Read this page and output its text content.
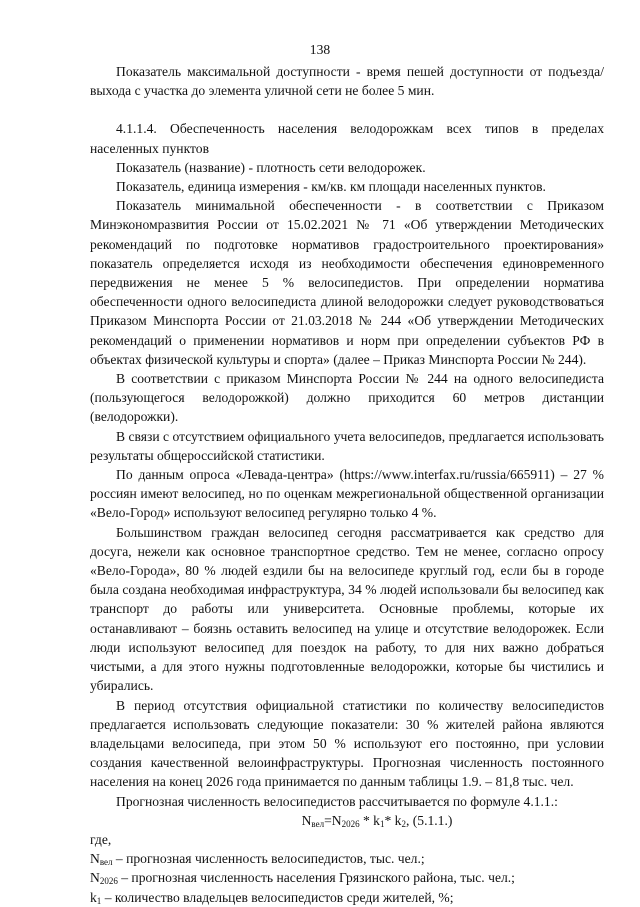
138

Показатель максимальной доступности - время пешей доступности от подъезда/выхода с участка до элемента уличной сети не более 5 мин.

4.1.1.4. Обеспеченность населения велодорожкам всех типов в пределах населенных пунктов

Показатель (название) - плотность сети велодорожек.

Показатель, единица измерения - км/кв. км площади населенных пунктов.

Показатель минимальной обеспеченности - в соответствии с Приказом Минэкономразвития России от 15.02.2021 № 71 «Об утверждении Методических рекомендаций по подготовке нормативов градостроительного проектирования» показатель определяется исходя из необходимости обеспечения единовременного передвижения не менее 5 % велосипедистов. При определении норматива обеспеченности одного велосипедиста длиной велодорожки следует руководствоваться Приказом Минспорта России от 21.03.2018 № 244 «Об утверждении Методических рекомендаций о применении нормативов и норм при определении субъектов РФ в объектах физической культуры и спорта» (далее – Приказ Минспорта России № 244).

В соответствии с приказом Минспорта России № 244 на одного велосипедиста (пользующегося велодорожкой) должно приходится 60 метров дистанции (велодорожки).

В связи с отсутствием официального учета велосипедов, предлагается использовать результаты общероссийской статистики.

По данным опроса «Левада-центра» (https://www.interfax.ru/russia/665911) – 27 % россиян имеют велосипед, но по оценкам межрегиональной общественной организации «Вело-Город» используют велосипед регулярно только 4 %.

Большинством граждан велосипед сегодня рассматривается как средство для досуга, нежели как основное транспортное средство. Тем не менее, согласно опросу «Вело-Города», 80 % людей ездили бы на велосипеде круглый год, если бы в городе была создана необходимая инфраструктура, 34 % людей использовали бы велосипед как транспорт до работы или университета. Основные проблемы, которые их останавливают – боязнь оставить велосипед на улице и отсутствие велодорожек. Если люди используют велосипед для поездок на работу, то для них важно добраться чистыми, а для этого нужны подготовленные велодорожки, которые бы чистились и убирались.

В период отсутствия официальной статистики по количеству велосипедистов предлагается использовать следующие показатели: 30 % жителей района являются владельцами велосипеда, при этом 50 % используют его постоянно, при условии создания качественной велоинфраструктуры. Прогнозная численность постоянного населения на конец 2026 года принимается по данным таблицы 1.9. – 81,8 тыс. чел.

Прогнозная численность велосипедистов рассчитывается по формуле 4.1.1.:

$N_{вел}=N_{2026} * k_1*$ $k_2$, (5.1.1.)

где,

$N_{вел}$ – прогнозная численность велосипедистов, тыс. чел.;

$N_{2026}$ – прогнозная численность населения Грязинского района, тыс. чел.;

$k_1$ – количество владельцев велосипедистов среди жителей, %;
